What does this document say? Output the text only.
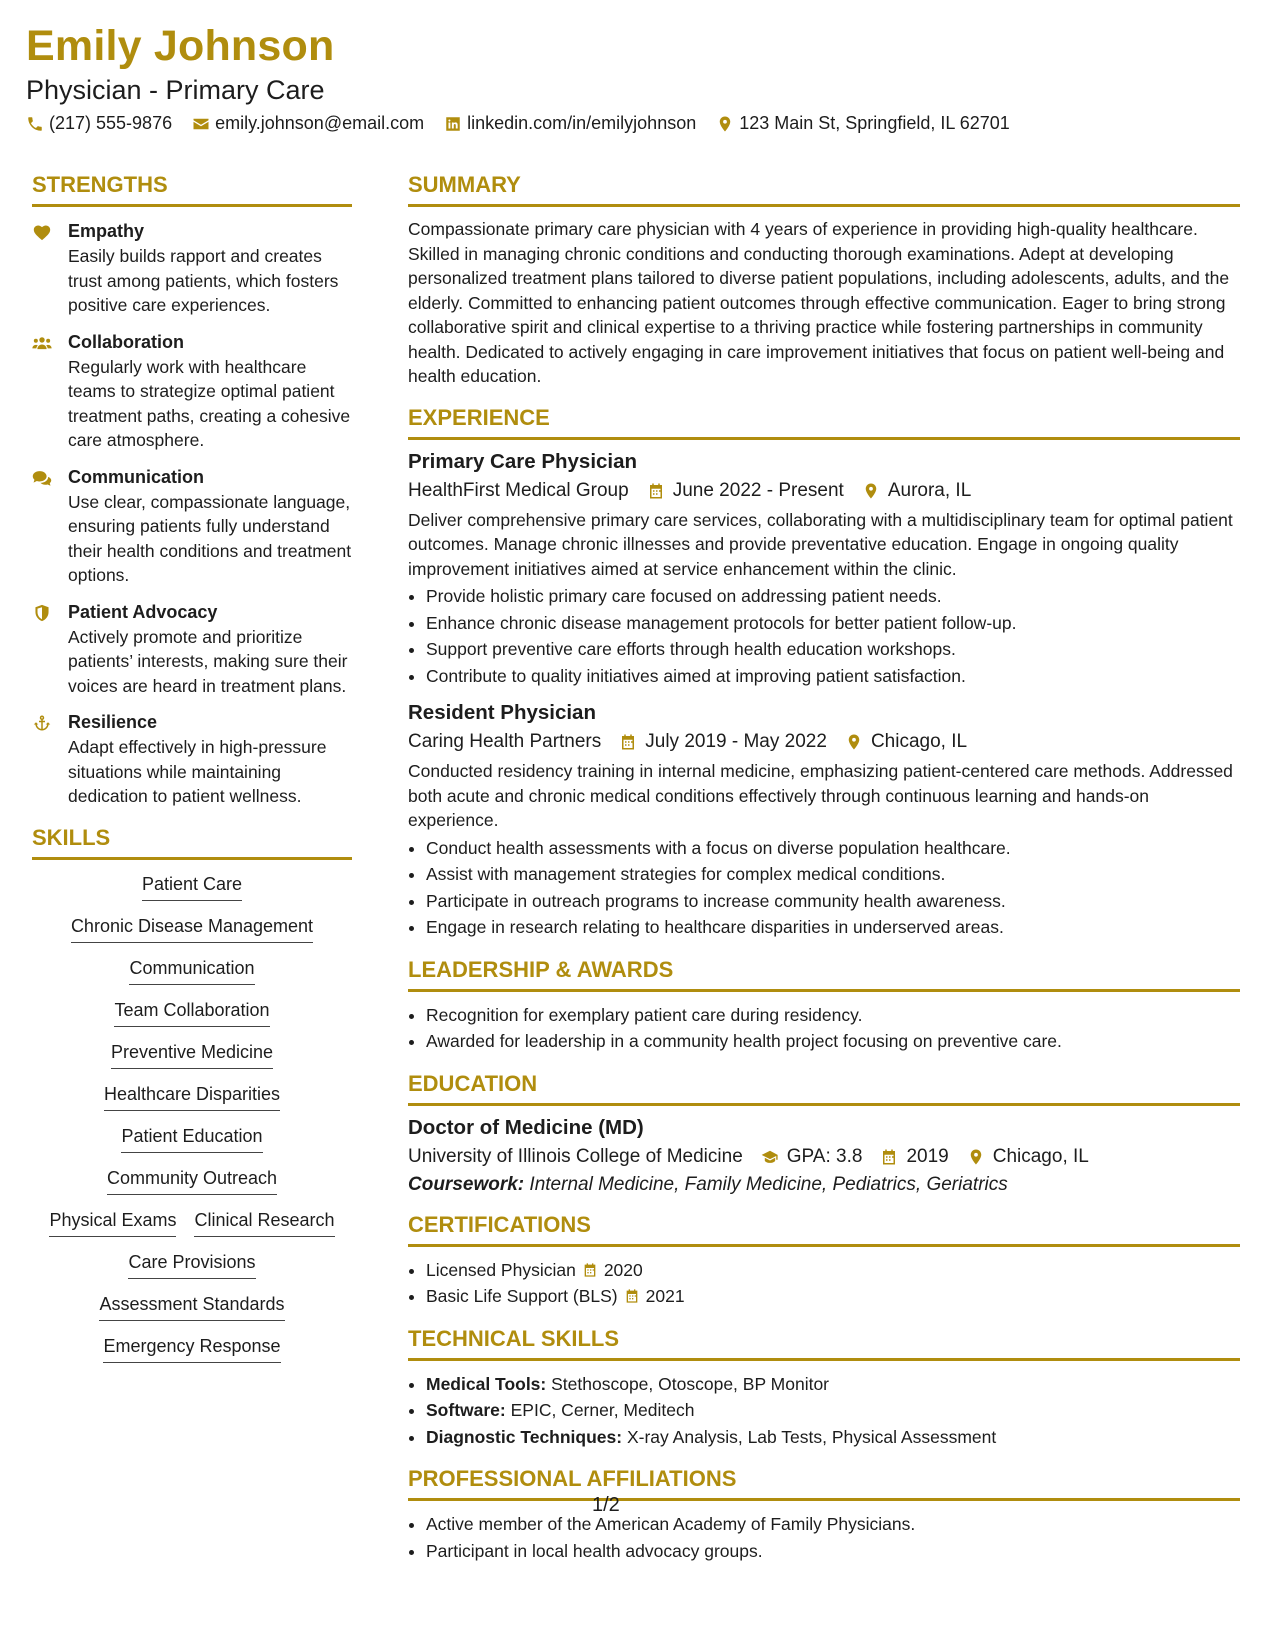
Emily Johnson
Physician - Primary Care
(217) 555-9876 emily.johnson@email.com linkedin.com/in/emilyjohnson 123 Main St, Springfield, IL 62701
STRENGTHS
Empathy
Easily builds rapport and creates trust among patients, which fosters positive care experiences.
Collaboration
Regularly work with healthcare teams to strategize optimal patient treatment paths, creating a cohesive care atmosphere.
Communication
Use clear, compassionate language, ensuring patients fully understand their health conditions and treatment options.
Patient Advocacy
Actively promote and prioritize patients’ interests, making sure their voices are heard in treatment plans.
Resilience
Adapt effectively in high-pressure situations while maintaining dedication to patient wellness.
SKILLS
Patient Care
Chronic Disease Management
Communication
Team Collaboration
Preventive Medicine
Healthcare Disparities
Patient Education
Community Outreach
Physical Exams Clinical Research
Care Provisions
Assessment Standards
Emergency Response
SUMMARY
Compassionate primary care physician with 4 years of experience in providing high-quality healthcare. Skilled in managing chronic conditions and conducting thorough examinations. Adept at developing personalized treatment plans tailored to diverse patient populations, including adolescents, adults, and the elderly. Committed to enhancing patient outcomes through effective communication. Eager to bring strong collaborative spirit and clinical expertise to a thriving practice while fostering partnerships in community health. Dedicated to actively engaging in care improvement initiatives that focus on patient well-being and health education.
EXPERIENCE
Primary Care Physician
HealthFirst Medical Group June 2022 - Present Aurora, IL
Deliver comprehensive primary care services, collaborating with a multidisciplinary team for optimal patient outcomes. Manage chronic illnesses and provide preventative education. Engage in ongoing quality improvement initiatives aimed at service enhancement within the clinic.
• Provide holistic primary care focused on addressing patient needs.
• Enhance chronic disease management protocols for better patient follow-up.
• Support preventive care efforts through health education workshops.
• Contribute to quality initiatives aimed at improving patient satisfaction.
Resident Physician
Caring Health Partners July 2019 - May 2022 Chicago, IL
Conducted residency training in internal medicine, emphasizing patient-centered care methods. Addressed both acute and chronic medical conditions effectively through continuous learning and hands-on experience.
• Conduct health assessments with a focus on diverse population healthcare.
• Assist with management strategies for complex medical conditions.
• Participate in outreach programs to increase community health awareness.
• Engage in research relating to healthcare disparities in underserved areas.
LEADERSHIP & AWARDS
• Recognition for exemplary patient care during residency.
• Awarded for leadership in a community health project focusing on preventive care.
EDUCATION
Doctor of Medicine (MD)
University of Illinois College of Medicine GPA: 3.8 2019 Chicago, IL
Coursework: Internal Medicine, Family Medicine, Pediatrics, Geriatrics
CERTIFICATIONS
• Licensed Physician 2020
• Basic Life Support (BLS) 2021
TECHNICAL SKILLS
• Medical Tools: Stethoscope, Otoscope, BP Monitor
• Software: EPIC, Cerner, Meditech
• Diagnostic Techniques: X-ray Analysis, Lab Tests, Physical Assessment
PROFESSIONAL AFFILIATIONS
• Active member of the American Academy of Family Physicians.
• Participant in local health advocacy groups.
1/2
